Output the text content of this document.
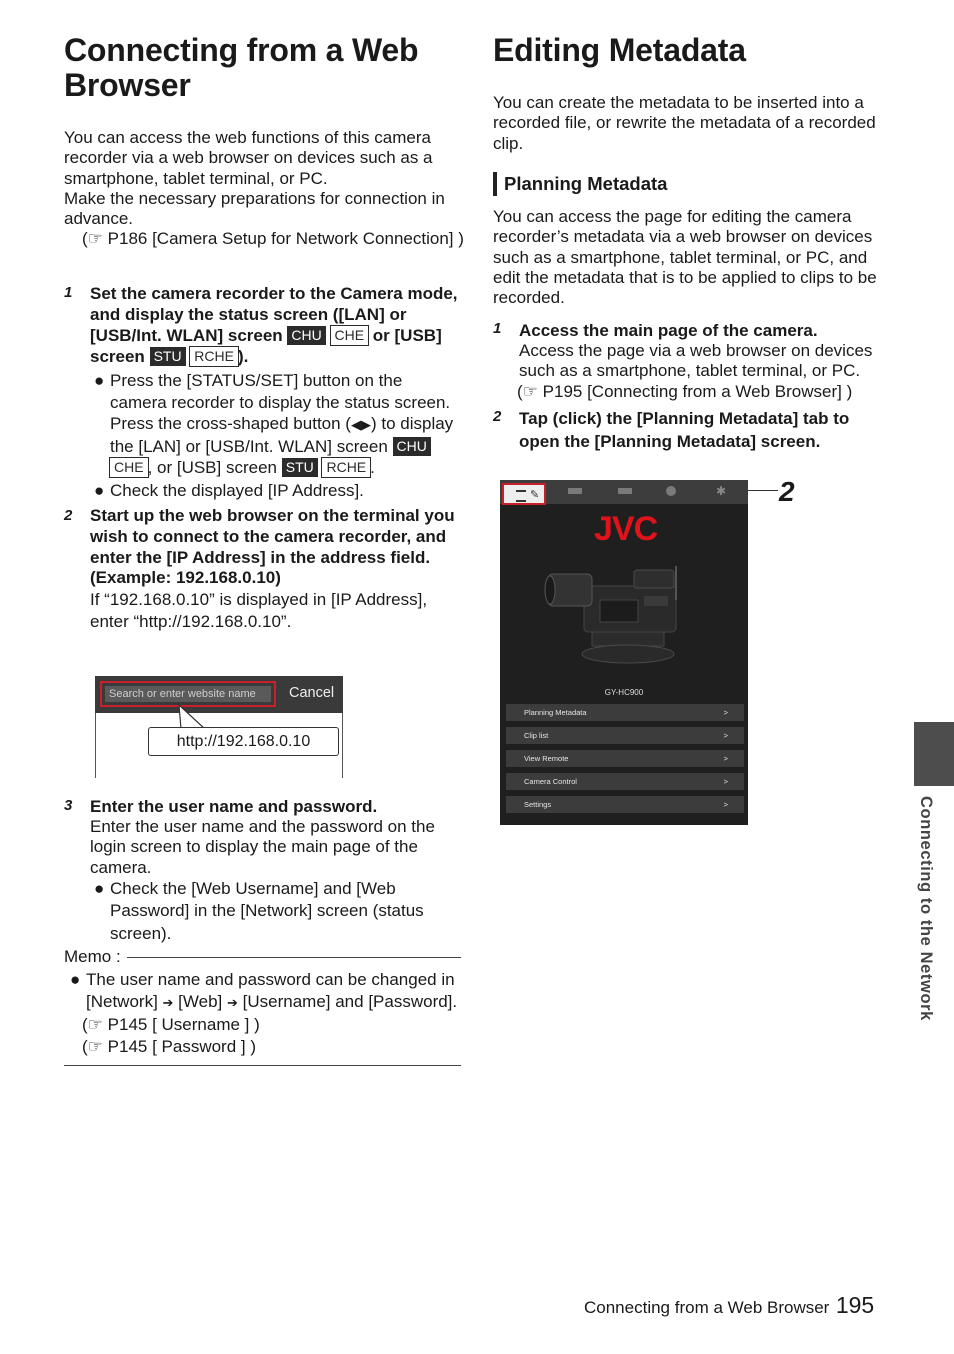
Connecting from a Web Browser
You can access the web functions of this camera recorder via a web browser on devices such as a smartphone, tablet terminal, or PC.
Make the necessary preparations for connection in advance.
(☞ P186 [Camera Setup for Network Connection] )
1 Set the camera recorder to the Camera mode, and display the status screen ([LAN] or [USB/Int. WLAN] screen CHU CHE or [USB] screen STU RCHE ).
● Press the [STATUS/SET] button on the camera recorder to display the status screen. Press the cross-shaped button (◀▶) to display the [LAN] or [USB/Int. WLAN] screen CHU CHE , or [USB] screen STU RCHE .
● Check the displayed [IP Address].
2 Start up the web browser on the terminal you wish to connect to the camera recorder, and enter the [IP Address] in the address field.
(Example: 192.168.0.10)
If “192.168.0.10” is displayed in [IP Address], enter “http://192.168.0.10”.
Search or enter website name	Cancel
http://192.168.0.10
3 Enter the user name and password.
Enter the user name and the password on the login screen to display the main page of the camera.
● Check the [Web Username] and [Web Password] in the [Network] screen (status screen).
Memo :
● The user name and password can be changed in [Network] ➔ [Web] ➔ [Username] and [Password].
(☞ P145 [ Username ] )
(☞ P145 [ Password ] )
Editing Metadata
You can create the metadata to be inserted into a recorded file, or rewrite the metadata of a recorded clip.
Planning Metadata
You can access the page for editing the camera recorder’s metadata via a web browser on devices such as a smartphone, tablet terminal, or PC, and edit the metadata that is to be applied to clips to be recorded.
1 Access the main page of the camera.
Access the page via a web browser on devices such as a smartphone, tablet terminal, or PC.
(☞ P195 [Connecting from a Web Browser] )
2 Tap (click) the [Planning Metadata] tab to open the [Planning Metadata] screen.
✎	✱
JVC
GY-HC900
Planning Metadata	>
Clip list	>
View Remote	>
Camera Control	>
Settings	>
2
Connecting to the Network
Connecting from a Web Browser 195
